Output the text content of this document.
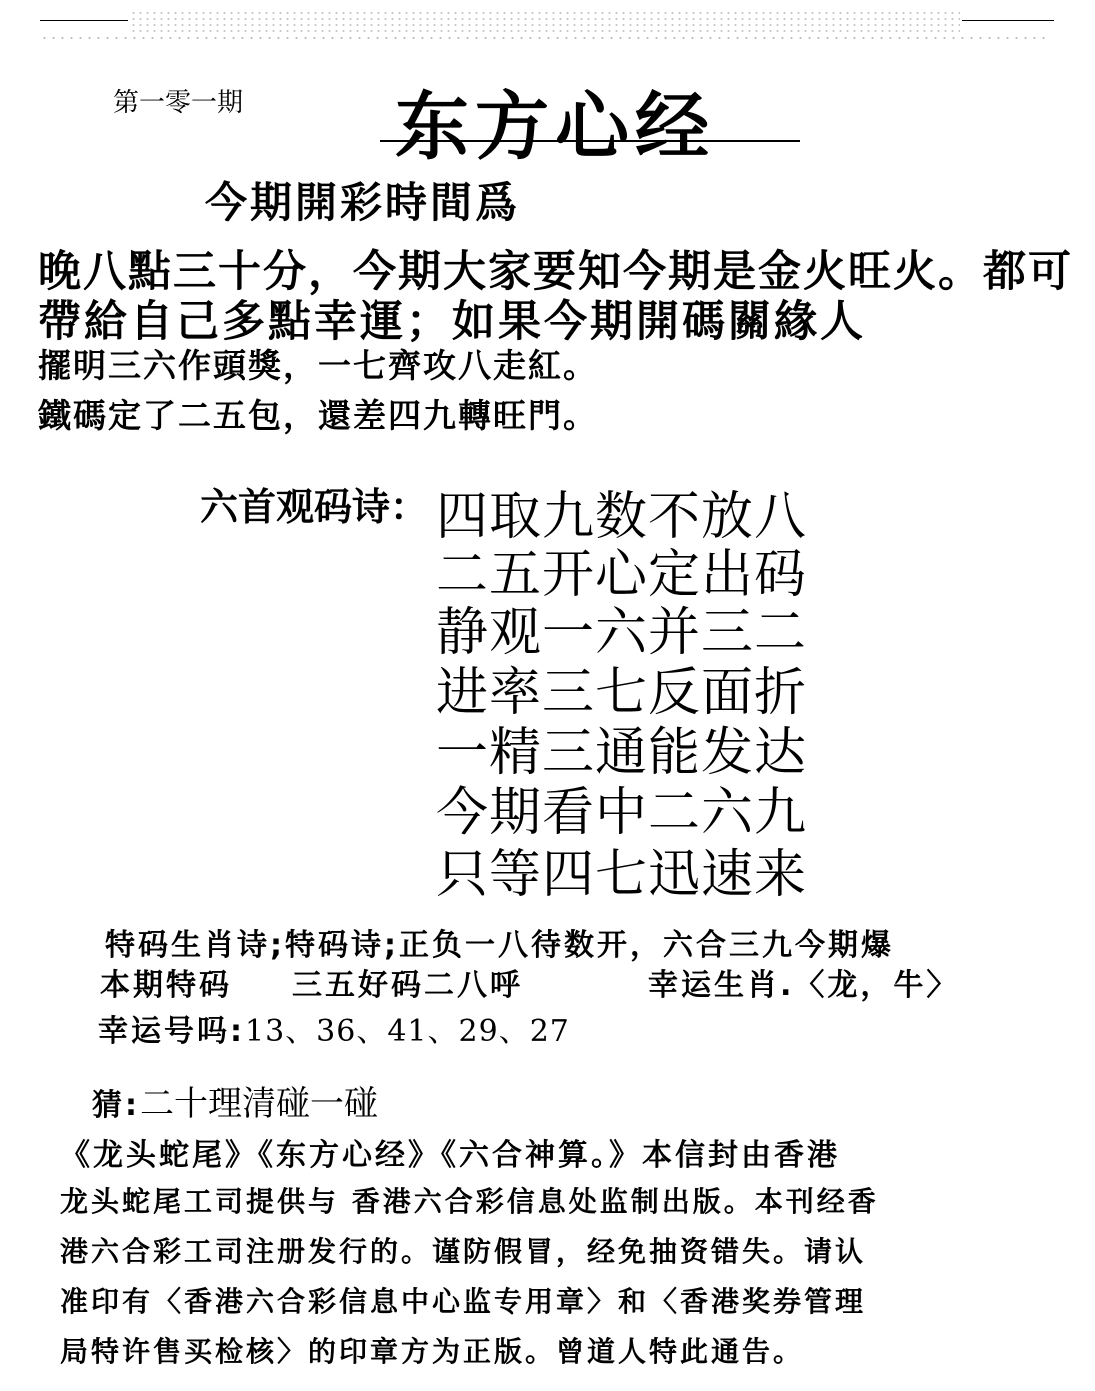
第一零一期 东方心经
今期開彩時間爲
晚八點三十分，今期大家要知今期是金火旺火。都可
帶給自己多點幸運；如果今期開碼關緣人
擺明三六作頭獎，一七齊攻八走紅。
鐵碼定了二五包，還差四九轉旺門。
六首观码诗： 四取九数不放八
二五开心定出码
静观一六并三二
进率三七反面折
一精三通能发达
今期看中二六九
只等四七迅速来
特码生肖诗;特码诗;正负一八待数开，六合三九今期爆
本期特码 三五好码二八呼	幸运生肖.〈龙，牛〉
幸运号吗:13、36、41、29、27
猜:二十理清碰一碰
《龙头蛇尾》《东方心经》《六合神算。》本信封由香港
龙头蛇尾工司提供与 香港六合彩信息处监制出版。本刊经香
港六合彩工司注册发行的。谨防假冒，经免抽资错失。请认
准印有〈香港六合彩信息中心监专用章〉和〈香港奖券管理
局特许售买检核〉的印章方为正版。曾道人特此通告。
